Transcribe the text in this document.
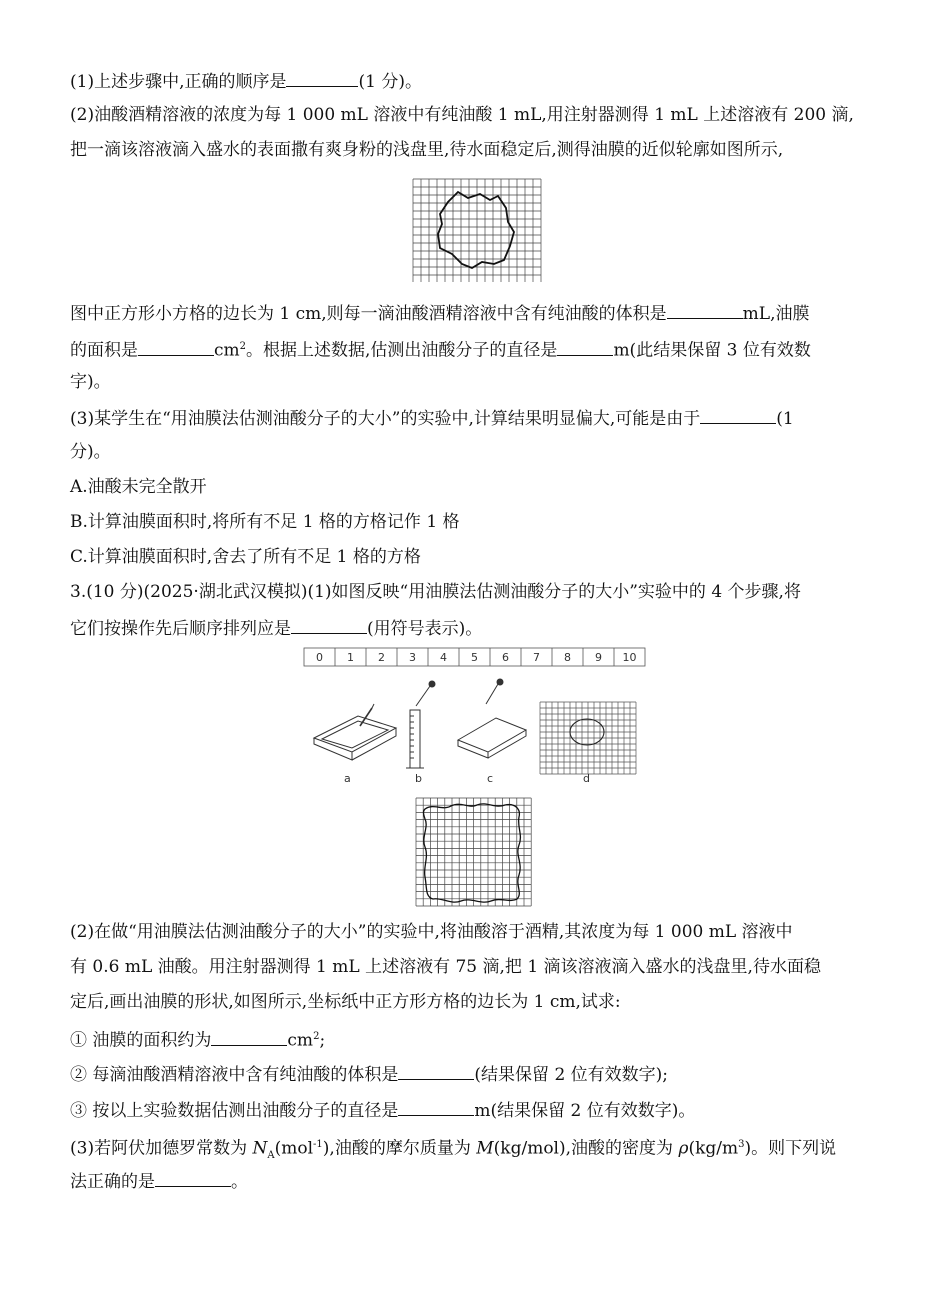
(1)上述步骤中,正确的顺序是	(1 分)。
(2)油酸酒精溶液的浓度为每 1 000 mL 溶液中有纯油酸 1 mL,用注射器测得 1 mL 上述溶液有 200 滴,
把一滴该溶液滴入盛水的表面撒有爽身粉的浅盘里,待水面稳定后,测得油膜的近似轮廓如图所示,
图中正方形小方格的边长为 1 cm,则每一滴油酸酒精溶液中含有纯油酸的体积是	mL,油膜
的面积是	$cm^2$。根据上述数据,估测出油酸分子的直径是	m(此结果保留 3 位有效数
字)。
(3)某学生在“用油膜法估测油酸分子的大小”的实验中,计算结果明显偏大,可能是由于	(1
分)。
A.油酸未完全散开
B.计算油膜面积时,将所有不足 1 格的方格记作 1 格
C.计算油膜面积时,舍去了所有不足 1 格的方格
3.(10 分)(2025·湖北武汉模拟)(1)如图反映“用油膜法估测油酸分子的大小”实验中的 4 个步骤,将
它们按操作先后顺序排列应是	(用符号表示)。
0 1 2 3 4 5 6 7 8 9 10
a	b	c	d
(2)在做“用油膜法估测油酸分子的大小”的实验中,将油酸溶于酒精,其浓度为每 1 000 mL 溶液中
有 0.6 mL 油酸。用注射器测得 1 mL 上述溶液有 75 滴,把 1 滴该溶液滴入盛水的浅盘里,待水面稳
定后,画出油膜的形状,如图所示,坐标纸中正方形方格的边长为 1 cm,试求:
① 油膜的面积约为	$cm^2$;
② 每滴油酸酒精溶液中含有纯油酸的体积是	(结果保留 2 位有效数字);
③ 按以上实验数据估测出油酸分子的直径是	m(结果保留 2 位有效数字)。
(3)若阿伏加德罗常数为 $N_A(mol^{-1})$,油酸的摩尔质量为 M(kg/mol),油酸的密度为 $\rho(kg/m^3)$。则下列说
法正确的是	。
